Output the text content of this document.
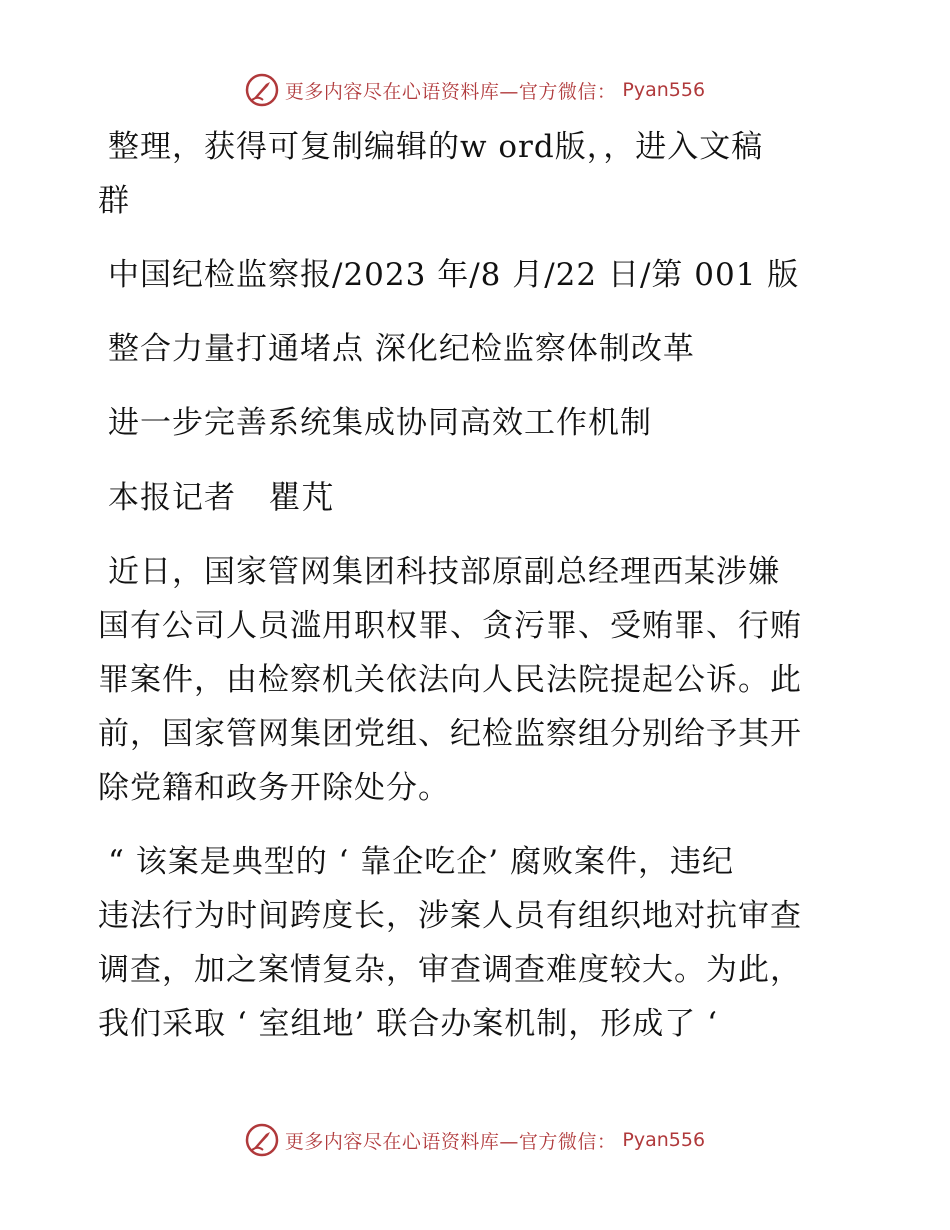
更多内容尽在心语资料库—官方微信： Pyan556
整理，获得可复制编辑的w ord版，，进入文稿
群
中国纪检监察报/2023 年/8 月/22 日/第 001 版
整合力量打通堵点 深化纪检监察体制改革
进一步完善系统集成协同高效工作机制
本报记者 瞿芃
近日，国家管网集团科技部原副总经理西某涉嫌
国有公司人员滥用职权罪、贪污罪、受贿罪、行贿
罪案件，由检察机关依法向人民法院提起公诉。此
前，国家管网集团党组、纪检监察组分别给予其开
除党籍和政务开除处分。
“ 该案是典型的 ‘ 靠企吃企’ 腐败案件，违纪
违法行为时间跨度长，涉案人员有组织地对抗审查
调查，加之案情复杂，审查调查难度较大。为此，
我们采取 ‘ 室组地’ 联合办案机制，形成了 ‘
更多内容尽在心语资料库—官方微信： Pyan556
